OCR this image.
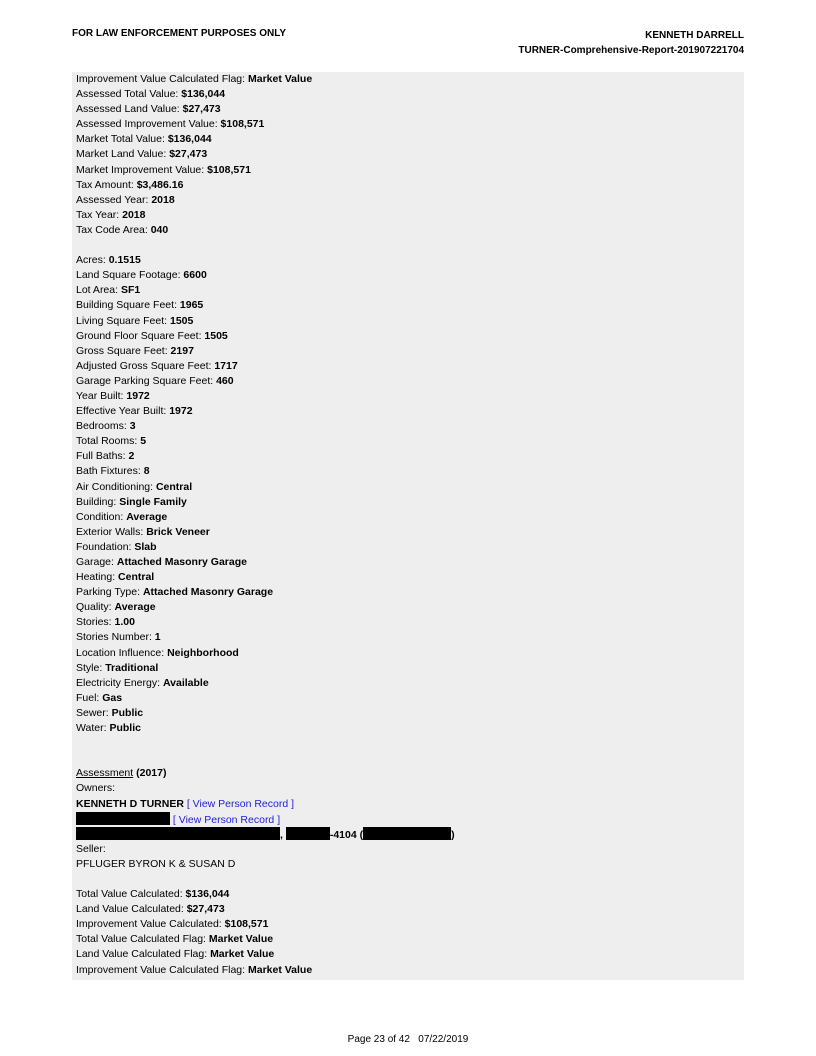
FOR LAW ENFORCEMENT PURPOSES ONLY	KENNETH DARRELL
TURNER-Comprehensive-Report-201907221704
Improvement Value Calculated Flag: Market Value
Assessed Total Value: $136,044
Assessed Land Value: $27,473
Assessed Improvement Value: $108,571
Market Total Value: $136,044
Market Land Value: $27,473
Market Improvement Value: $108,571
Tax Amount: $3,486.16
Assessed Year: 2018
Tax Year: 2018
Tax Code Area: 040
Acres: 0.1515
Land Square Footage: 6600
Lot Area: SF1
Building Square Feet: 1965
Living Square Feet: 1505
Ground Floor Square Feet: 1505
Gross Square Feet: 2197
Adjusted Gross Square Feet: 1717
Garage Parking Square Feet: 460
Year Built: 1972
Effective Year Built: 1972
Bedrooms: 3
Total Rooms: 5
Full Baths: 2
Bath Fixtures: 8
Air Conditioning: Central
Building: Single Family
Condition: Average
Exterior Walls: Brick Veneer
Foundation: Slab
Garage: Attached Masonry Garage
Heating: Central
Parking Type: Attached Masonry Garage
Quality: Average
Stories: 1.00
Stories Number: 1
Location Influence: Neighborhood
Style: Traditional
Electricity Energy: Available
Fuel: Gas
Sewer: Public
Water: Public
Assessment (2017)
Owners:
KENNETH D TURNER [ View Person Record ]
[ View Person Record ]
,	-4104 (	)
Seller:
PFLUGER BYRON K & SUSAN D
Total Value Calculated: $136,044
Land Value Calculated: $27,473
Improvement Value Calculated: $108,571
Total Value Calculated Flag: Market Value
Land Value Calculated Flag: Market Value
Improvement Value Calculated Flag: Market Value
Page 23 of 42 07/22/2019
